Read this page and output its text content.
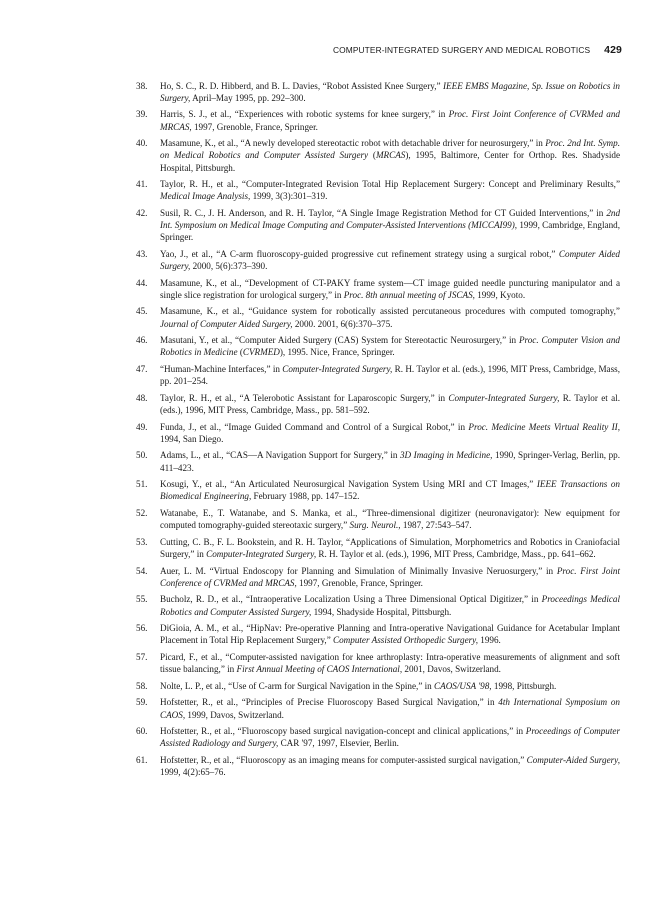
COMPUTER-INTEGRATED SURGERY AND MEDICAL ROBOTICS 429
38.	Ho, S. C., R. D. Hibberd, and B. L. Davies, “Robot Assisted Knee Surgery,” IEEE EMBS Magazine, Sp. Issue on Robotics in Surgery, April–May 1995, pp. 292–300.
39.	Harris, S. J., et al., “Experiences with robotic systems for knee surgery,” in Proc. First Joint Conference of CVRMed and MRCAS, 1997, Grenoble, France, Springer.
40.	Masamune, K., et al., “A newly developed stereotactic robot with detachable driver for neurosurgery,” in Proc. 2nd Int. Symp. on Medical Robotics and Computer Assisted Surgery (MRCAS), 1995, Baltimore, Center for Orthop. Res. Shadyside Hospital, Pittsburgh.
41.	Taylor, R. H., et al., “Computer-Integrated Revision Total Hip Replacement Surgery: Concept and Preliminary Results,” Medical Image Analysis, 1999, 3(3):301–319.
42.	Susil, R. C., J. H. Anderson, and R. H. Taylor, “A Single Image Registration Method for CT Guided Interventions,” in 2nd Int. Symposium on Medical Image Computing and Computer-Assisted Interventions (MICCAI99), 1999, Cambridge, England, Springer.
43.	Yao, J., et al., “A C-arm fluoroscopy-guided progressive cut refinement strategy using a surgical robot,” Computer Aided Surgery, 2000, 5(6):373–390.
44.	Masamune, K., et al., “Development of CT-PAKY frame system—CT image guided needle puncturing manipulator and a single slice registration for urological surgery,” in Proc. 8th annual meeting of JSCAS, 1999, Kyoto.
45.	Masamune, K., et al., “Guidance system for robotically assisted percutaneous procedures with computed tomography,” Journal of Computer Aided Surgery, 2000. 2001, 6(6):370–375.
46.	Masutani, Y., et al., “Computer Aided Surgery (CAS) System for Stereotactic Neurosurgery,” in Proc. Computer Vision and Robotics in Medicine (CVRMED), 1995. Nice, France, Springer.
47.	“Human-Machine Interfaces,” in Computer-Integrated Surgery, R. H. Taylor et al. (eds.), 1996, MIT Press, Cambridge, Mass, pp. 201–254.
48.	Taylor, R. H., et al., “A Telerobotic Assistant for Laparoscopic Surgery,” in Computer-Integrated Surgery, R. Taylor et al. (eds.), 1996, MIT Press, Cambridge, Mass., pp. 581–592.
49.	Funda, J., et al., “Image Guided Command and Control of a Surgical Robot,” in Proc. Medicine Meets Virtual Reality II, 1994, San Diego.
50.	Adams, L., et al., “CAS—A Navigation Support for Surgery,” in 3D Imaging in Medicine, 1990, Springer-Verlag, Berlin, pp. 411–423.
51.	Kosugi, Y., et al., “An Articulated Neurosurgical Navigation System Using MRI and CT Images,” IEEE Transactions on Biomedical Engineering, February 1988, pp. 147–152.
52.	Watanabe, E., T. Watanabe, and S. Manka, et al., “Three-dimensional digitizer (neuronavigator): New equipment for computed tomography-guided stereotaxic surgery,” Surg. Neurol., 1987, 27:543–547.
53.	Cutting, C. B., F. L. Bookstein, and R. H. Taylor, “Applications of Simulation, Morphometrics and Robotics in Craniofacial Surgery,” in Computer-Integrated Surgery, R. H. Taylor et al. (eds.), 1996, MIT Press, Cambridge, Mass., pp. 641–662.
54.	Auer, L. M. “Virtual Endoscopy for Planning and Simulation of Minimally Invasive Neruosurgery,” in Proc. First Joint Conference of CVRMed and MRCAS, 1997, Grenoble, France, Springer.
55.	Bucholz, R. D., et al., “Intraoperative Localization Using a Three Dimensional Optical Digitizer,” in Proceedings Medical Robotics and Computer Assisted Surgery, 1994, Shadyside Hospital, Pittsburgh.
56.	DiGioia, A. M., et al., “HipNav: Pre-operative Planning and Intra-operative Navigational Guidance for Acetabular Implant Placement in Total Hip Replacement Surgery,” Computer Assisted Orthopedic Surgery, 1996.
57.	Picard, F., et al., “Computer-assisted navigation for knee arthroplasty: Intra-operative measurements of alignment and soft tissue balancing,” in First Annual Meeting of CAOS International, 2001, Davos, Switzerland.
58.	Nolte, L. P., et al., “Use of C-arm for Surgical Navigation in the Spine,” in CAOS/USA '98, 1998, Pittsburgh.
59.	Hofstetter, R., et al., “Principles of Precise Fluoroscopy Based Surgical Navigation,” in 4th International Symposium on CAOS, 1999, Davos, Switzerland.
60.	Hofstetter, R., et al., “Fluoroscopy based surgical navigation-concept and clinical applications,” in Proceedings of Computer Assisted Radiology and Surgery, CAR '97, 1997, Elsevier, Berlin.
61.	Hofstetter, R., et al., “Fluoroscopy as an imaging means for computer-assisted surgical navigation,” Computer-Aided Surgery, 1999, 4(2):65–76.
